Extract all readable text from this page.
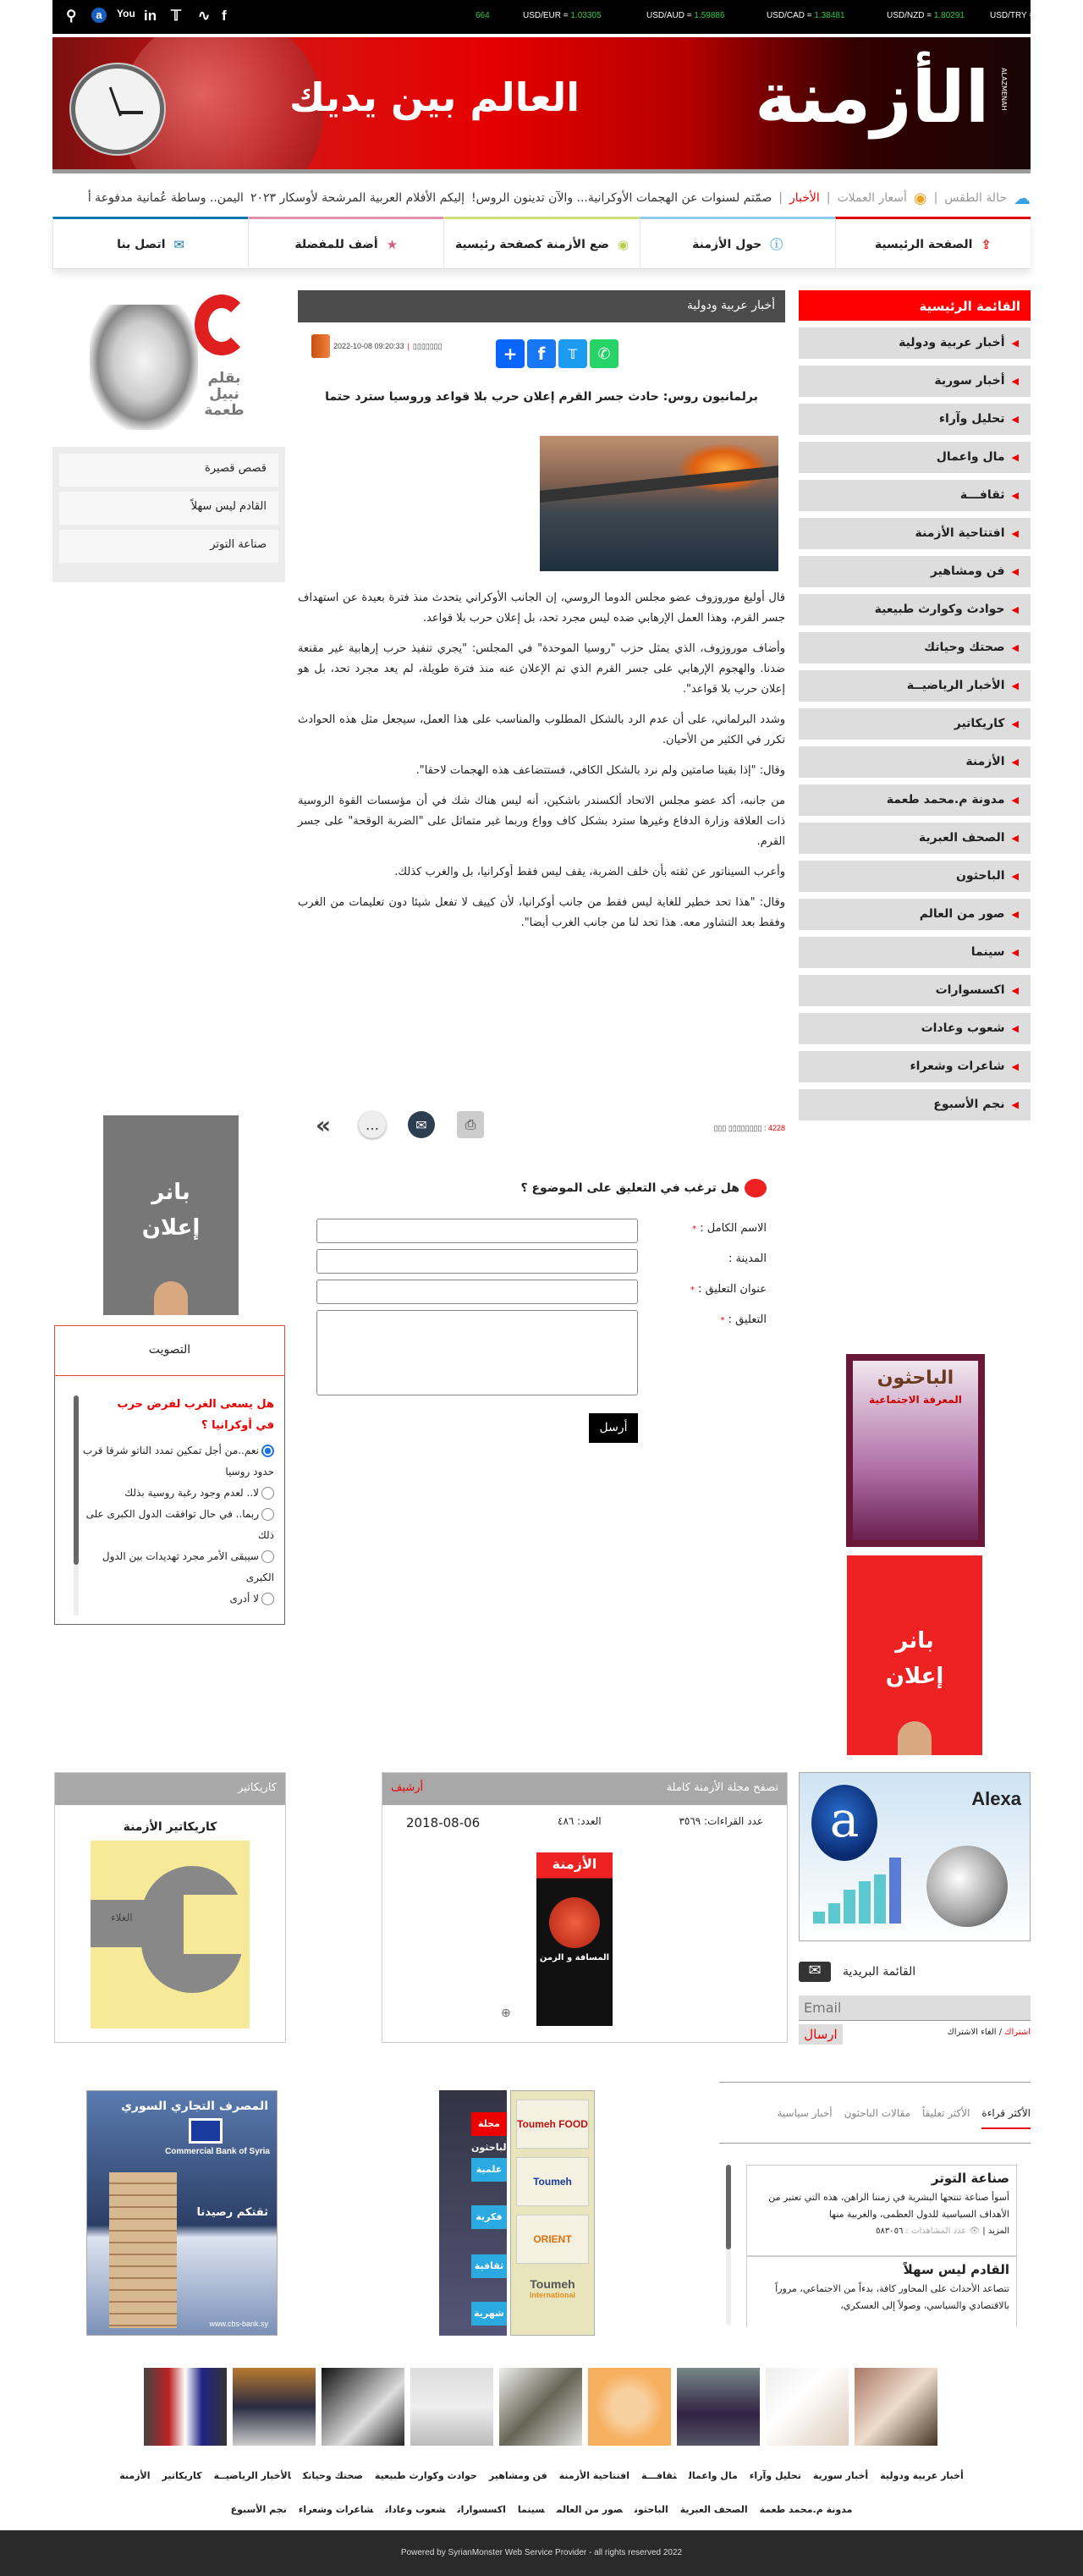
⚲	a	You in 𝕋 ∿ f	664	USD/EUR = 1.03305	USD/AUD = 1.59886	USD/CAD = 1.38481	USD/NZD = 1.80291	USD/TRY =
العالم بين يديك الأزمنة ALAZMENAH
☁
حالة الطقس
|
◉
أسعار العملات
|
الأخبار
|
صمّتم لسنوات عن الهجمات الأوكرانية... والآن تدينون الروس!
إليكم الأفلام العربية المرشحة لأوسكار ٢٠٢٣
اليمن.. وساطة عُمانية مدفوعة أ
⇪
الصفحة الرئيسية
ⓘ
حول الأزمنة
◉
ضع الأزمنة كصفحة رئيسية
★
أضف للمفضلة
✉
اتصل بنا
القائمة الرئيسية
◀أخبار عربية ودولية
◀أخبار سورية
◀تحليل وآراء
◀مال واعمال
◀ثقافـــة
◀افتتاحية الأزمنة
◀فن ومشاهير
◀حوادث وكوارث طبيعية
◀صحتك وحياتك
◀الأخبار الرياضيــة
◀كاريكاتير
◀الأزمنة
◀مدونة م.محمد طعمة
◀الصحف العبرية
◀الباحثون
◀صور من العالم
◀سينما
◀اكسسوارات
◀شعوب وعادات
◀شاعرات وشعراء
◀نجم الأسبوع
أخبار عربية ودولية
2022-10-08 09:20:33 | ▯▯▯▯▯▯▯	+	f	𝕋	✆
برلمانيون روس: حادث جسر القرم إعلان حرب بلا قواعد وروسيا سترد حتما

قال أوليغ موروزوف عضو مجلس الدوما الروسي، إن الجانب الأوكراني يتحدث منذ فترة بعيدة عن استهداف جسر القرم، وهذا العمل الإرهابي ضده ليس مجرد تحد، بل إعلان حرب بلا قواعد.

وأضاف موروزوف، الذي يمثل حزب "روسيا الموحدة" في المجلس: "يجري تنفيذ حرب إرهابية غير مقنعة ضدنا. والهجوم الإرهابي على جسر القرم الذي تم الإعلان عنه منذ فترة طويلة، لم يعد مجرد تحد، بل هو إعلان حرب بلا قواعد".

وشدد البرلماني، على أن عدم الرد بالشكل المطلوب والمناسب على هذا العمل، سيجعل مثل هذه الحوادث تكرر في الكثير من الأحيان.

وقال: "إذا بقينا صامتين ولم نرد بالشكل الكافي، فستتضاعف هذه الهجمات لاحقا".

من جانبه، أكد عضو مجلس الاتحاد ألكسندر باشكين، أنه ليس هناك شك في أن مؤسسات القوة الروسية ذات العلاقة وزارة الدفاع وغيرها سترد بشكل كاف وواع وربما غير متماثل على "الضربة الوقحة" على جسر القرم.

وأعرب السيناتور عن ثقته بأن خلف الضربة، يقف ليس فقط أوكرانيا، بل والغرب كذلك.

وقال: "هذا تحد خطير للغاية ليس فقط من جانب أوكرانيا، لأن كييف لا تفعل شيئا دون تعليمات من الغرب وفقط بعد التشاور معه. هذا تحد لنا من جانب الغرب أيضا".

«	…	✉	⎙	▯▯▯ ▯▯▯▯▯▯▯▯ : 4228
هل ترغب في التعليق على الموضوع ؟
الاسم الكامل : *
المدينة :
عنوان التعليق : *
التعليق : *
أرسل
بقلم نبيل طعمة
قصص قصيرة
القادم ليس سهلاً
صناعة التوتر
بانر
إعلان
التصويت
هل يسعى الغرب لفرض حرب في أوكرانيا ؟
نعم..من أجل تمكين تمدد الناتو شرقا قرب حدود روسيا
لا.. لعدم وجود رغبة روسية بذلك
ربما.. في حال توافقت الدول الكبرى على ذلك
سيبقى الأمر مجرد تهديدات بين الدول الكبرى
لا أدرى
الباحثون
المعرفة الاجتماعية
بانر
إعلان
كاريكاتير
كاريكاتير الأزمنة
الغلاء
تصفح مجلة الأزمنة كاملة
أرشيف
عدد القراءات: ٣٥٦٩
العدد: ٤٨٦
2018-08-06
الأزمنة
المسافة و الزمن
⊕
a	Alexa
✉	القائمة البريدية
Email
ارسال	اشتراك / الغاء الاشتراك
الأكثر قراءة
الأكثر تعليقاً
مقالات الباحثون
أخبار سياسية
صناعة التوتر

أسوأ صناعة تنتجها البشرية في زمننا الراهن، هذه التي تعتبر من الأهداف السياسية للدول العظمى، والغربية منها

المزيد | 👁 عدد المشاهدات : ٥٨٣٠٥٦
القادم ليس سهلاً

تتصاعد الأحداث على المحاور كافة، بدءاً من الاجتماعي، مروراً بالاقتصادي والسياسي، وصولاً إلى العسكري،

المصرف التجاري السوري
Commercial Bank of Syria
ثقتكم رصيدنا
www.cbs-bank.sy
مجلة الباحثون
علمية
فكرية
ثقافية
شهرية
Toumeh FOOD
Toumeh
ORIENT
Toumeh
International
أخبار عربية ودوليةأخبار سوريةتحليل وآراءمال واعمالثقافـــةافتتاحية الأزمنةفن ومشاهيرحوادث وكوارث طبيعيةصحتك وحياتكالأخبار الرياضيــةكاريكاتيرالأزمنة
مدونة م.محمد طعمةالصحف العبريةالباحثونصور من العالمسينمااكسسواراتشعوب وعاداتشاعرات وشعراءنجم الأسبوع
Powered by SyrianMonster Web Service Provider - all rights reserved 2022
